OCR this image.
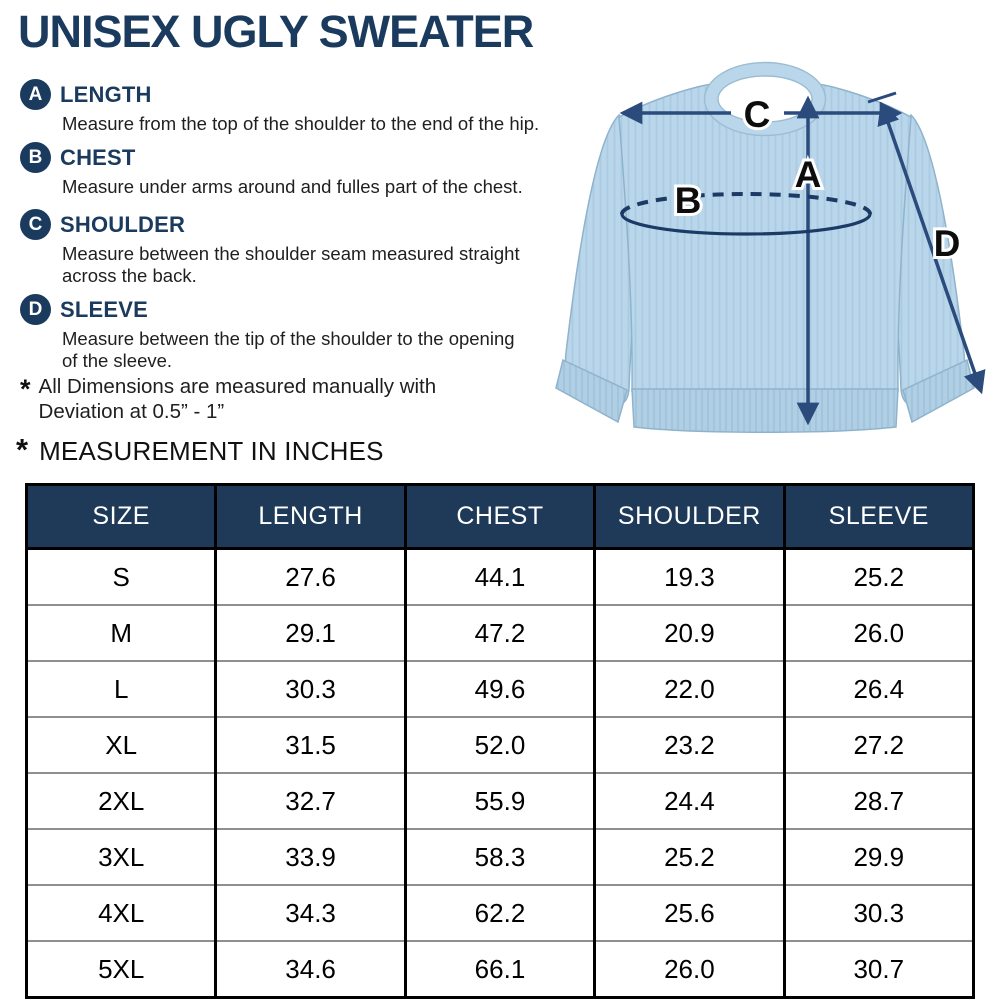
UNISEX UGLY SWEATER
A LENGTH
Measure from the top of the shoulder to the end of the hip.
B CHEST
Measure under arms around and fulles part of the chest.
C SHOULDER
Measure between the shoulder seam measured straight across the back.
D SLEEVE
Measure between the tip of the shoulder to the opening of the sleeve.
* All Dimensions are measured manually with
Deviation at 0.5” - 1”
* MEASUREMENT IN INCHES
C
A
B
D
SIZE	LENGTH	CHEST	SHOULDER	SLEEVE
S	27.6	44.1	19.3	25.2
M	29.1	47.2	20.9	26.0
L	30.3	49.6	22.0	26.4
XL	31.5	52.0	23.2	27.2
2XL	32.7	55.9	24.4	28.7
3XL	33.9	58.3	25.2	29.9
4XL	34.3	62.2	25.6	30.3
5XL	34.6	66.1	26.0	30.7
